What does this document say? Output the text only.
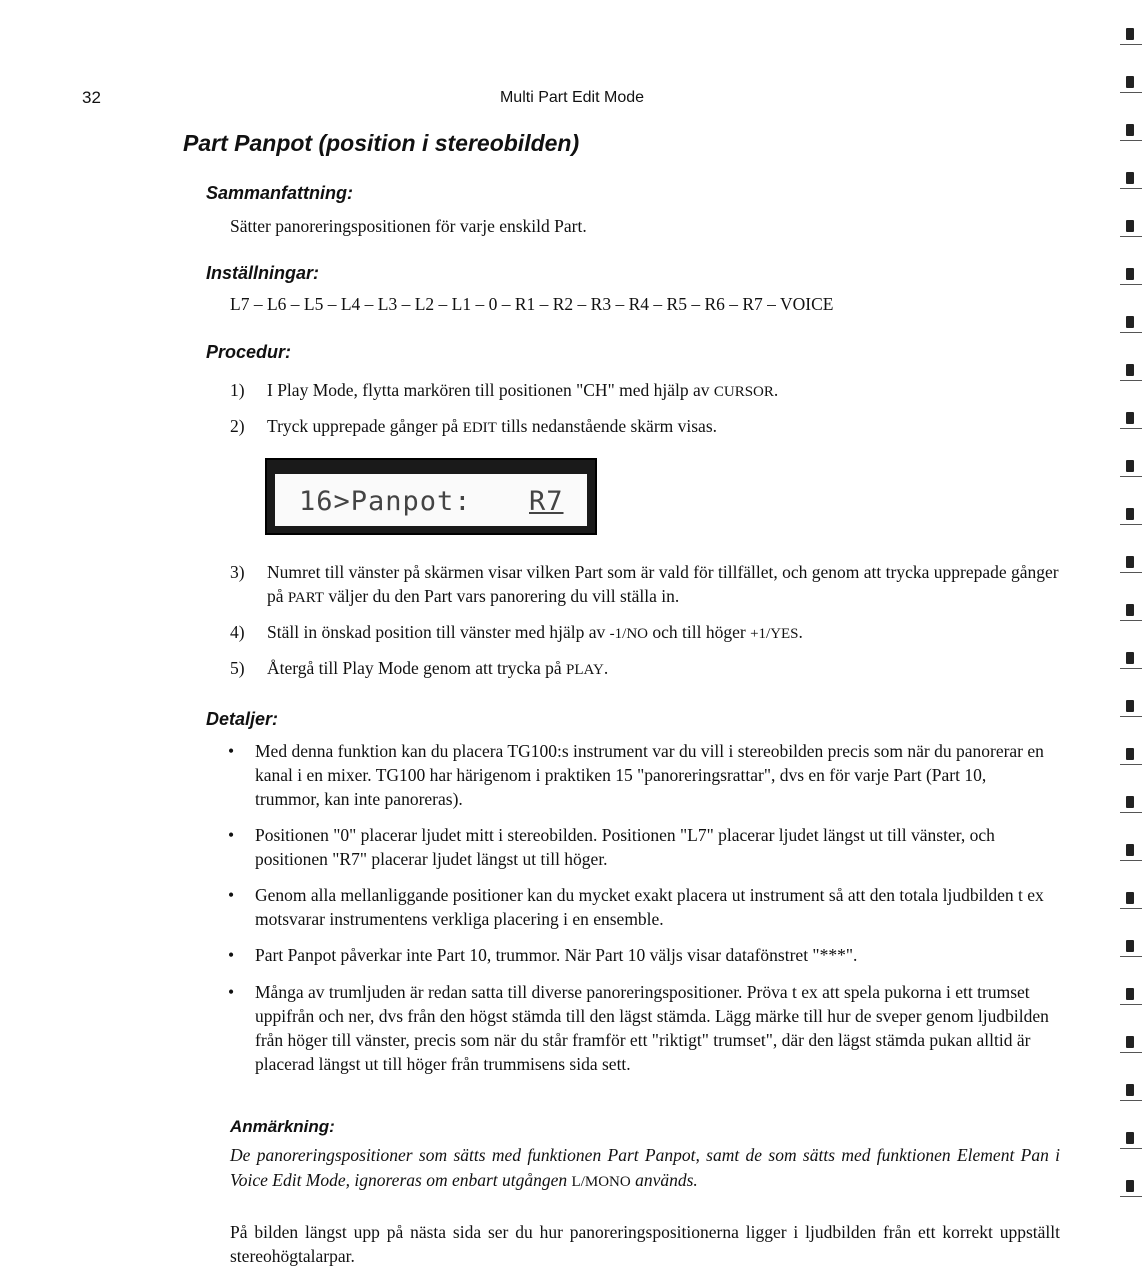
32	Multi Part Edit Mode
Part Panpot (position i stereobilden)
Sammanfattning:
Sätter panoreringspositionen för varje enskild Part.
Inställningar:
L7 – L6 – L5 – L4 – L3 – L2 – L1 – 0 – R1 – R2 – R3 – R4 – R5 – R6 – R7 – VOICE
Procedur:
1) I Play Mode, flytta markören till positionen "CH" med hjälp av CURSOR.
2) Tryck upprepade gånger på EDIT tills nedanstående skärm visas.
3) Numret till vänster på skärmen visar vilken Part som är vald för tillfället, och genom att trycka upprepade gånger på PART väljer du den Part vars panorering du vill ställa in.
4) Ställ in önskad position till vänster med hjälp av -1/NO och till höger +1/YES.
5) Återgå till Play Mode genom att trycka på PLAY.
16>Panpot: R7
Detaljer:
• Med denna funktion kan du placera TG100:s instrument var du vill i stereobilden precis som när du panorerar en kanal i en mixer. TG100 har härigenom i praktiken 15 "panoreringsrattar", dvs en för varje Part (Part 10, trummor, kan inte panoreras).
• Positionen "0" placerar ljudet mitt i stereobilden. Positionen "L7" placerar ljudet längst ut till vänster, och positionen "R7" placerar ljudet längst ut till höger.
• Genom alla mellanliggande positioner kan du mycket exakt placera ut instrument så att den totala ljudbilden t ex motsvarar instrumentens verkliga placering i en ensemble.
• Part Panpot påverkar inte Part 10, trummor. När Part 10 väljs visar datafönstret "***".
• Många av trumljuden är redan satta till diverse panoreringspositioner. Pröva t ex att spela pukorna i ett trumset uppifrån och ner, dvs från den högst stämda till den lägst stämda. Lägg märke till hur de sveper genom ljudbilden från höger till vänster, precis som när du står framför ett "riktigt" trumset", där den lägst stämda pukan alltid är placerad längst ut till höger från trummisens sida sett.
Anmärkning:
De panoreringspositioner som sätts med funktionen Part Panpot, samt de som sätts med funktionen Element Pan i Voice Edit Mode, ignoreras om enbart utgången L/MONO används.
På bilden längst upp på nästa sida ser du hur panoreringspositionerna ligger i ljudbilden från ett korrekt uppställt stereohögtalarpar.
